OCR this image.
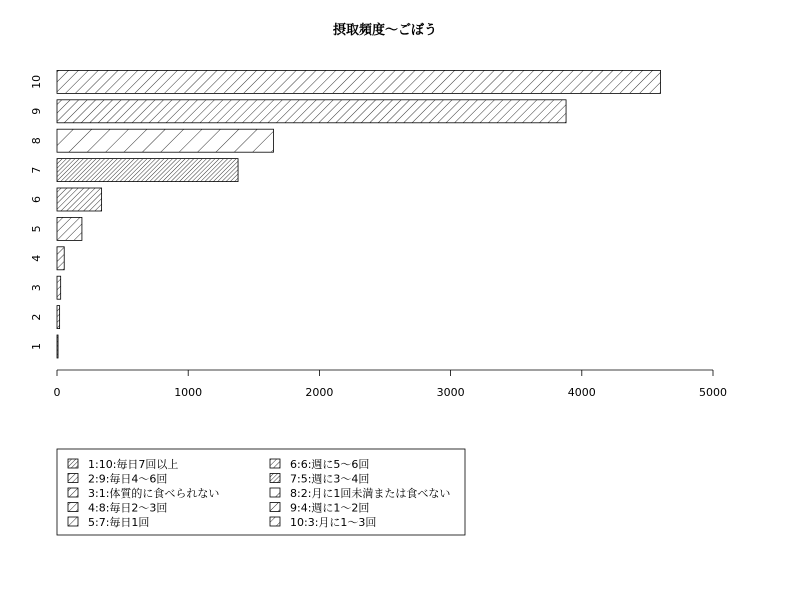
摂取頻度～ごぼう
1
2
3
4
5
6
7
8
9
10
0	1000	2000	3000	4000	5000
1:10:毎日7回以上
2:9:毎日4～6回
3:1:体質的に食べられない
4:8:毎日2～3回
5:7:毎日1回
6:6:週に5～6回
7:5:週に3～4回
8:2:月に1回未満または食べない
9:4:週に1～2回
10:3:月に1～3回
